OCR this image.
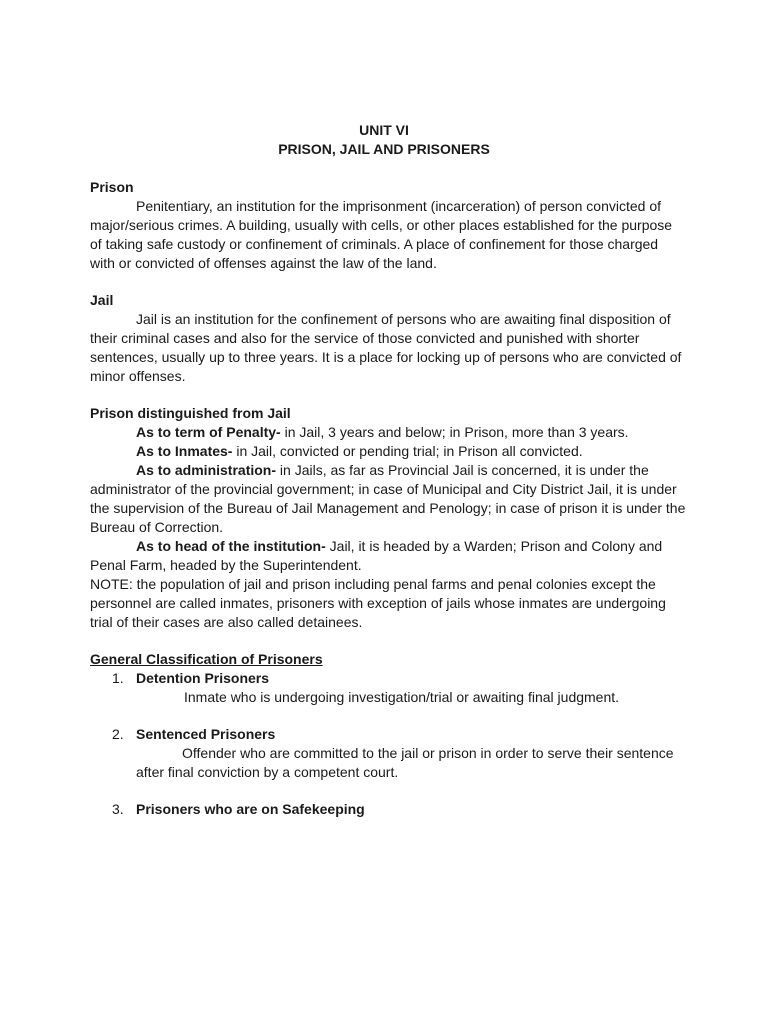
UNIT VI
PRISON, JAIL AND PRISONERS
Prison
Penitentiary, an institution for the imprisonment (incarceration) of person convicted of
major/serious crimes. A building, usually with cells, or other places established for the purpose
of taking safe custody or confinement of criminals. A place of confinement for those charged
with or convicted of offenses against the law of the land.
Jail
Jail is an institution for the confinement of persons who are awaiting final disposition of
their criminal cases and also for the service of those convicted and punished with shorter
sentences, usually up to three years. It is a place for locking up of persons who are convicted of
minor offenses.
Prison distinguished from Jail
As to term of Penalty- in Jail, 3 years and below; in Prison, more than 3 years.
As to Inmates- in Jail, convicted or pending trial; in Prison all convicted.
As to administration- in Jails, as far as Provincial Jail is concerned, it is under the
administrator of the provincial government; in case of Municipal and City District Jail, it is under
the supervision of the Bureau of Jail Management and Penology; in case of prison it is under the
Bureau of Correction.
As to head of the institution- Jail, it is headed by a Warden; Prison and Colony and
Penal Farm, headed by the Superintendent.
NOTE: the population of jail and prison including penal farms and penal colonies except the
personnel are called inmates, prisoners with exception of jails whose inmates are undergoing
trial of their cases are also called detainees.
General Classification of Prisoners
1. Detention Prisoners
Inmate who is undergoing investigation/trial or awaiting final judgment.
2. Sentenced Prisoners
Offender who are committed to the jail or prison in order to serve their sentence
after final conviction by a competent court.
3. Prisoners who are on Safekeeping
